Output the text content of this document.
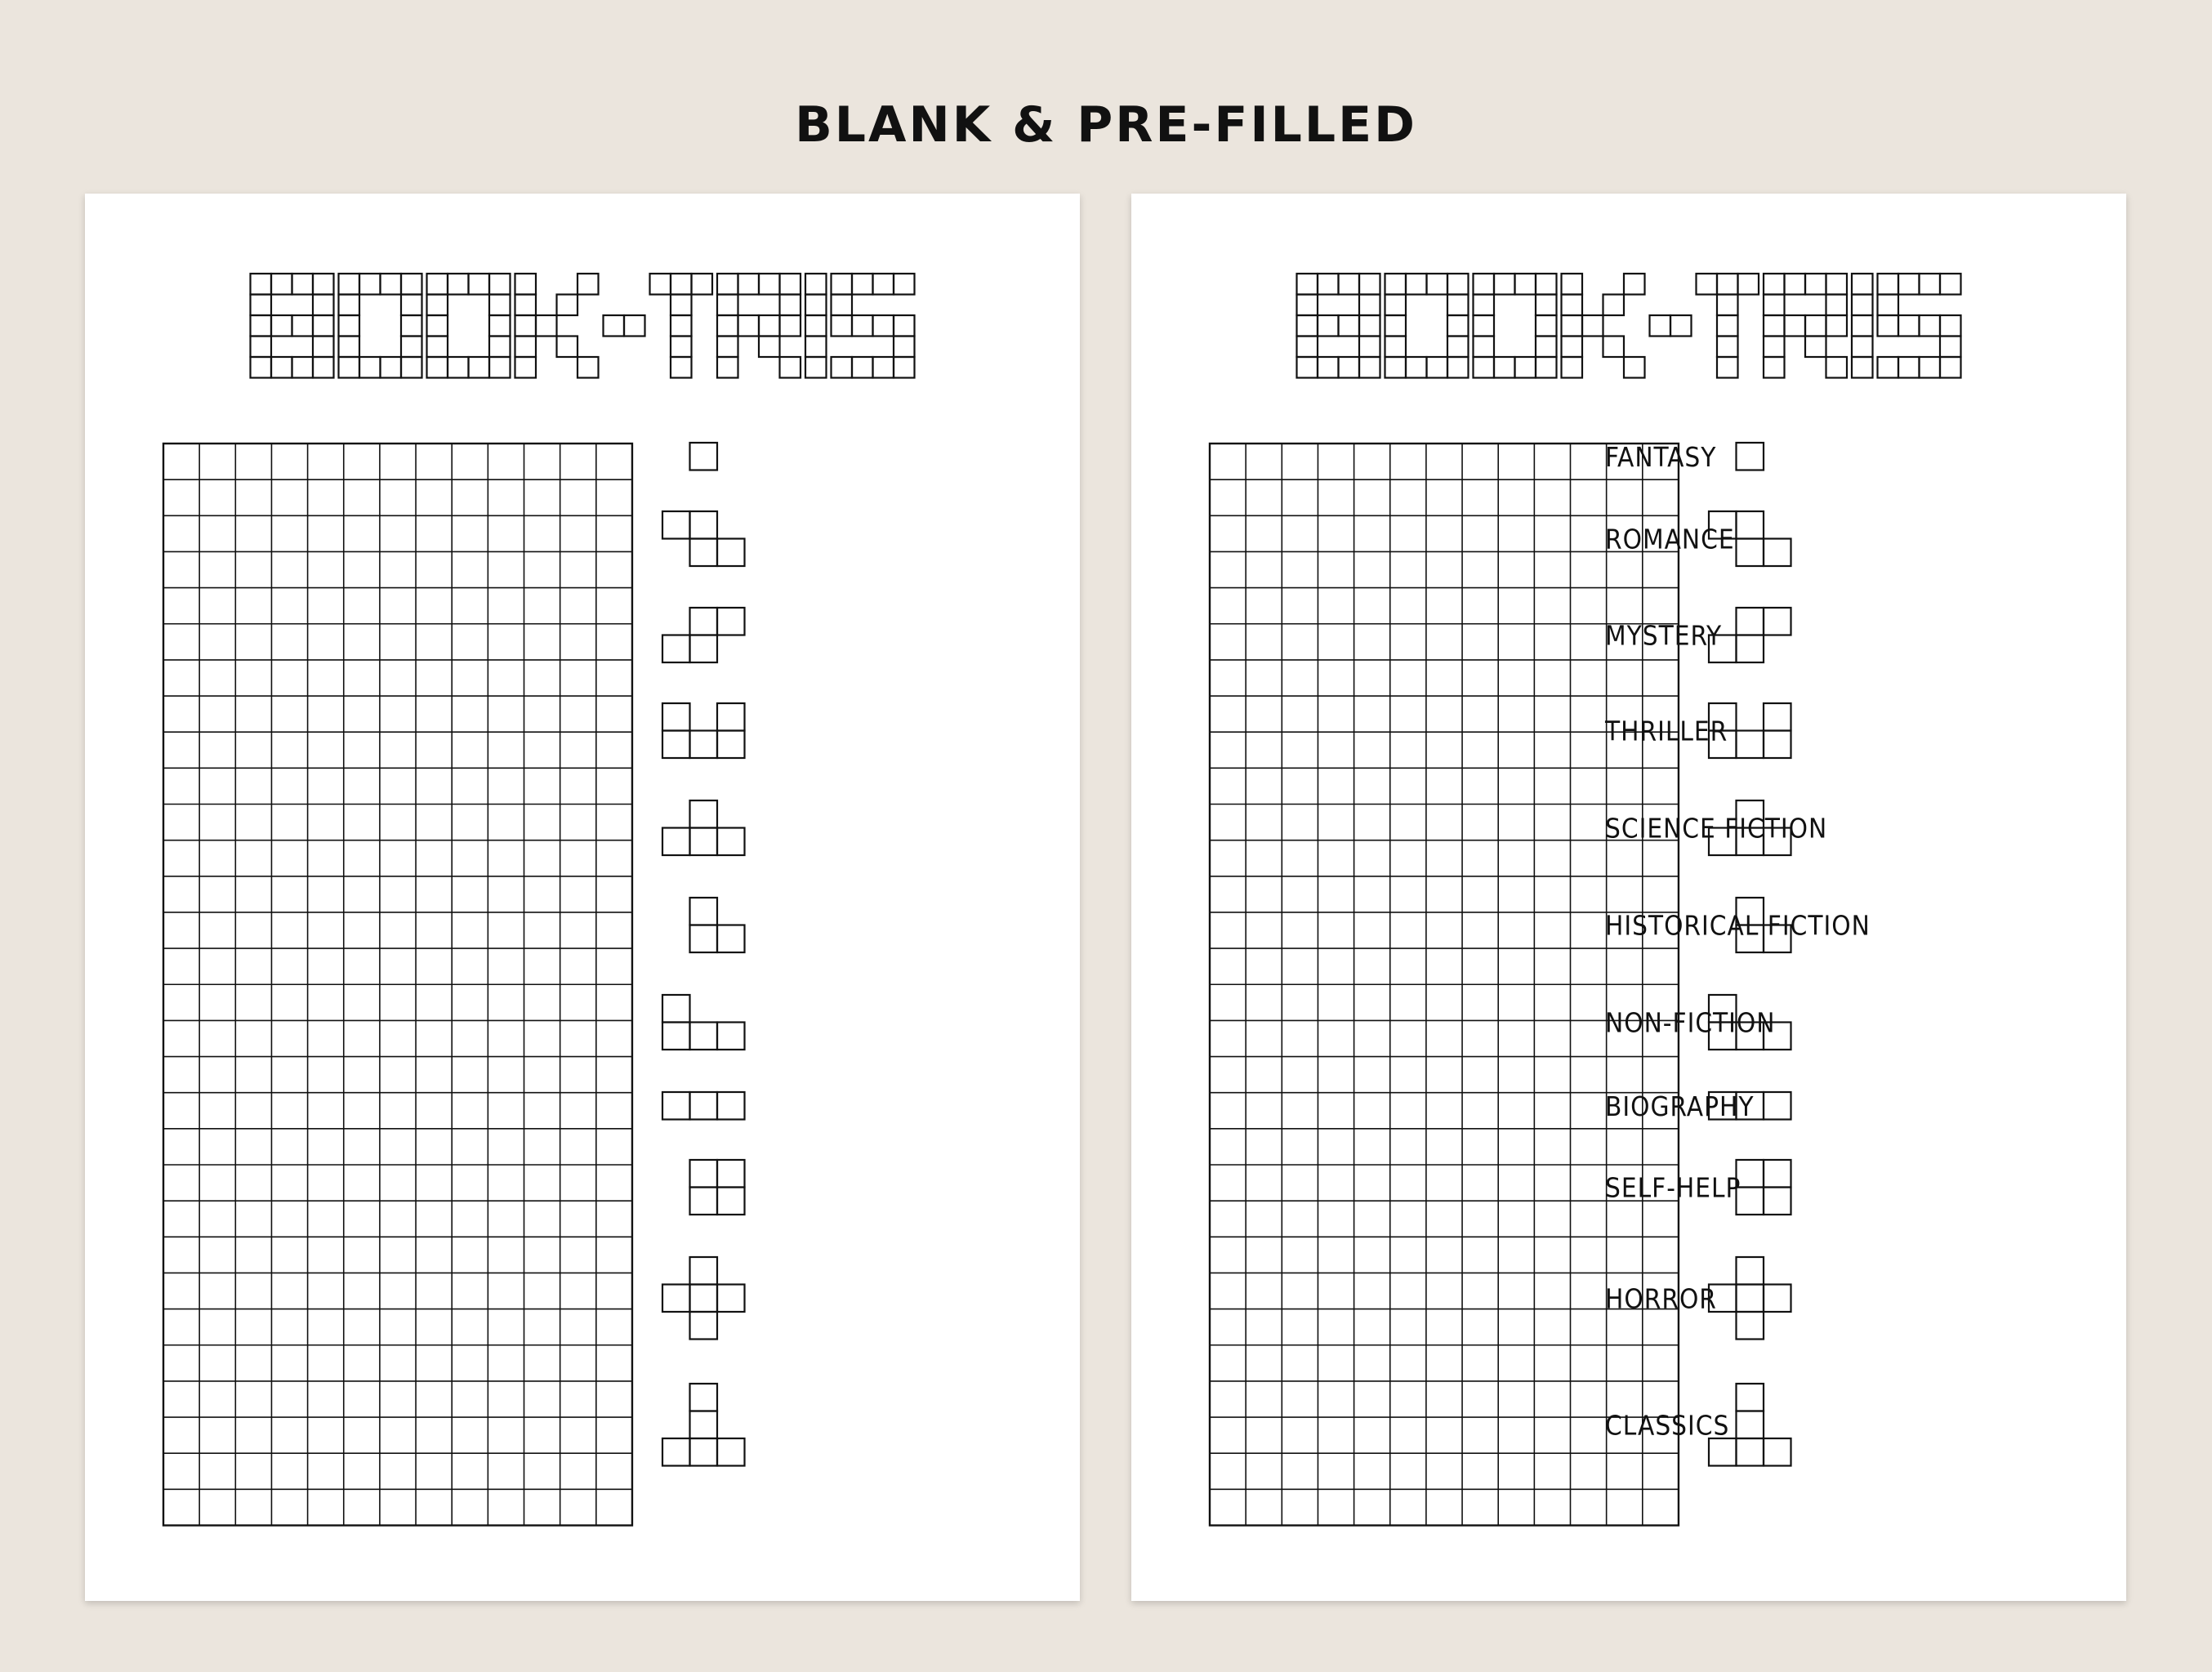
BLANK & PRE-FILLED
FANTASY
ROMANCE
MYSTERY
THRILLER
SCIENCE FICTION
HISTORICAL FICTION
NON-FICTION
BIOGRAPHY
SELF-HELP
HORROR
CLASSICS
